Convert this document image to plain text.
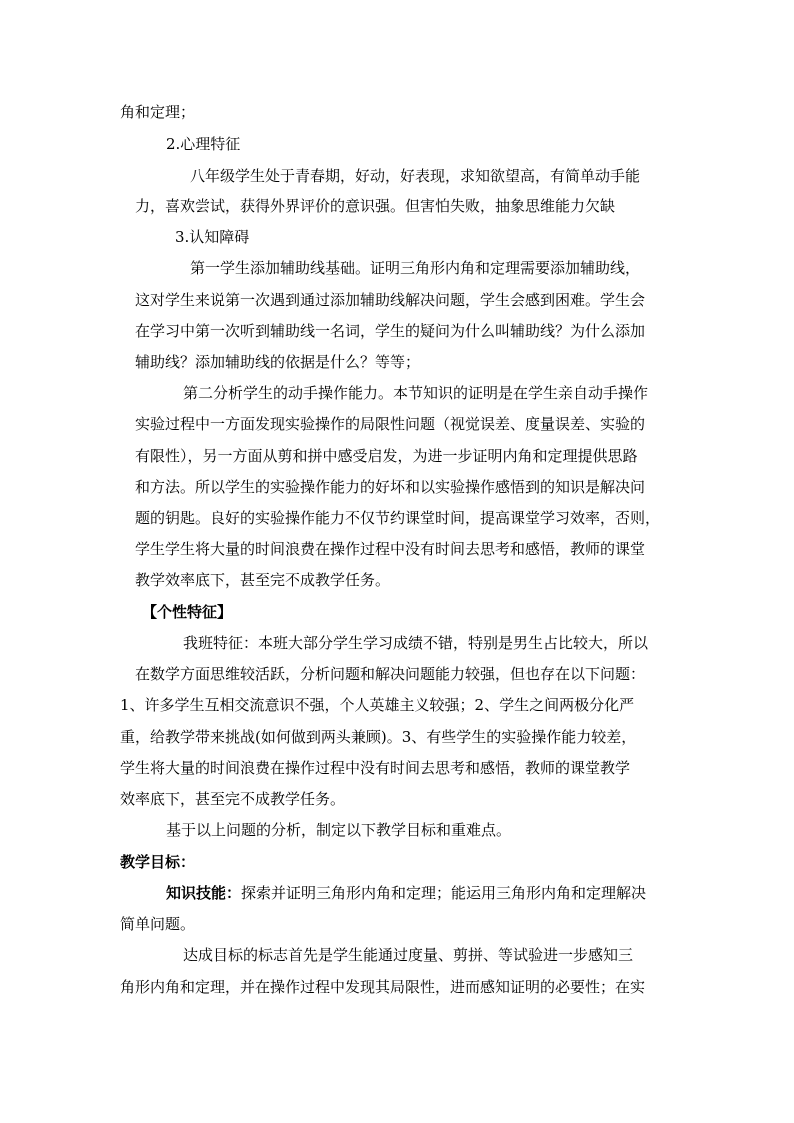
角和定理；
2.心理特征
八年级学生处于青春期，好动，好表现，求知欲望高，有简单动手能
力，喜欢尝试，获得外界评价的意识强。但害怕失败，抽象思维能力欠缺
3.认知障碍
第一学生添加辅助线基础。证明三角形内角和定理需要添加辅助线，
这对学生来说第一次遇到通过添加辅助线解决问题，学生会感到困难。学生会
在学习中第一次听到辅助线一名词，学生的疑问为什么叫辅助线？为什么添加
辅助线？添加辅助线的依据是什么？等等；
第二分析学生的动手操作能力。本节知识的证明是在学生亲自动手操作
实验过程中一方面发现实验操作的局限性问题（视觉误差、度量误差、实验的
有限性），另一方面从剪和拼中感受启发，为进一步证明内角和定理提供思路
和方法。所以学生的实验操作能力的好坏和以实验操作感悟到的知识是解决问
题的钥匙。良好的实验操作能力不仅节约课堂时间，提高课堂学习效率，否则，
学生学生将大量的时间浪费在操作过程中没有时间去思考和感悟，教师的课堂
教学效率底下，甚至完不成教学任务。
【个性特征】
我班特征：本班大部分学生学习成绩不错，特别是男生占比较大，所以
在数学方面思维较活跃，分析问题和解决问题能力较强，但也存在以下问题：
1、许多学生互相交流意识不强，个人英雄主义较强；2、学生之间两极分化严
重，给教学带来挑战(如何做到两头兼顾)。3、有些学生的实验操作能力较差，
学生将大量的时间浪费在操作过程中没有时间去思考和感悟，教师的课堂教学
效率底下，甚至完不成教学任务。
基于以上问题的分析，制定以下教学目标和重难点。
教学目标：
知识技能：探索并证明三角形内角和定理；能运用三角形内角和定理解决
简单问题。
达成目标的标志首先是学生能通过度量、剪拼、等试验进一步感知三
角形内角和定理，并在操作过程中发现其局限性，进而感知证明的必要性；在实
